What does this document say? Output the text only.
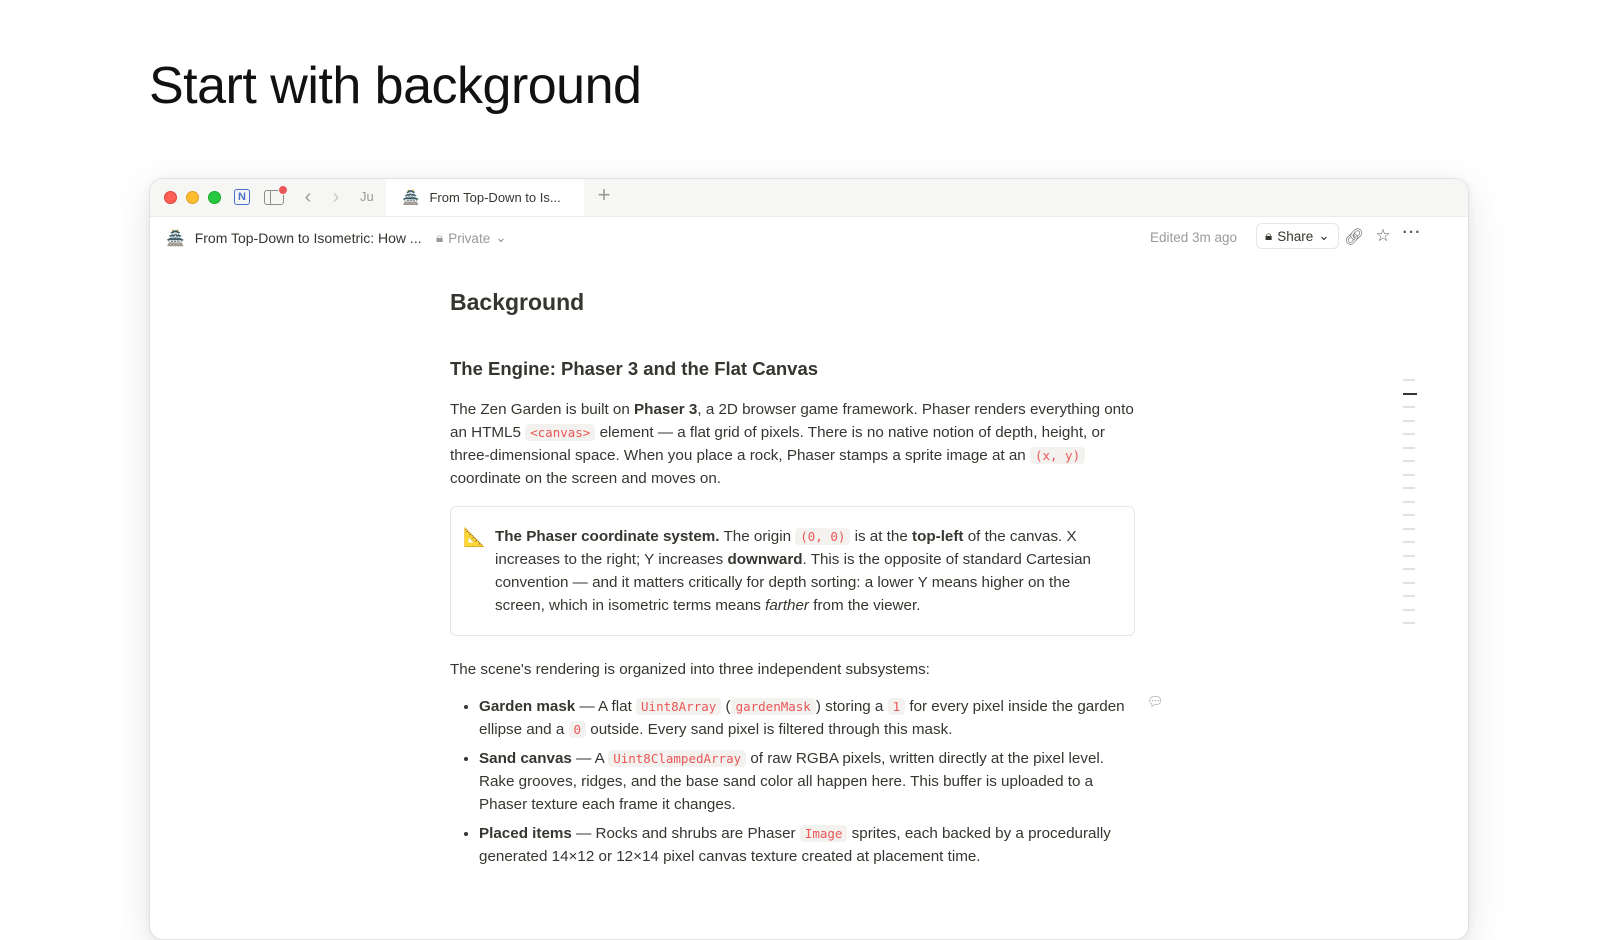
Start with background
N	‹ ›	Ju 🏯 From Top-Down to Is... +
🏯 From Top-Down to Isometric: How ... 🔒︎ Private ⌄	Edited 3m ago 🔒︎ Share ⌄ 🔗︎ ☆ ···
Background
The Engine: Phaser 3 and the Flat Canvas
The Zen Garden is built on Phaser 3, a 2D browser game framework. Phaser renders everything onto an HTML5 <canvas> element — a flat grid of pixels. There is no native notion of depth, height, or three-dimensional space. When you place a rock, Phaser stamps a sprite image at an (x, y) coordinate on the screen and moves on.
📐 The Phaser coordinate system. The origin (0, 0) is at the top-left of the canvas. X increases to the right; Y increases downward. This is the opposite of standard Cartesian convention — and it matters critically for depth sorting: a lower Y means higher on the screen, which in isometric terms means farther from the viewer.
The scene's rendering is organized into three independent subsystems:
• Garden mask — A flat Uint8Array ( gardenMask ) storing a 1 for every pixel inside the garden ellipse and a 0 outside. Every sand pixel is filtered through this mask.
• Sand canvas — A Uint8ClampedArray of raw RGBA pixels, written directly at the pixel level. Rake grooves, ridges, and the base sand color all happen here. This buffer is uploaded to a Phaser texture each frame it changes.
• Placed items — Rocks and shrubs are Phaser Image sprites, each backed by a procedurally generated 14×12 or 12×14 pixel canvas texture created at placement time.
💬︎
